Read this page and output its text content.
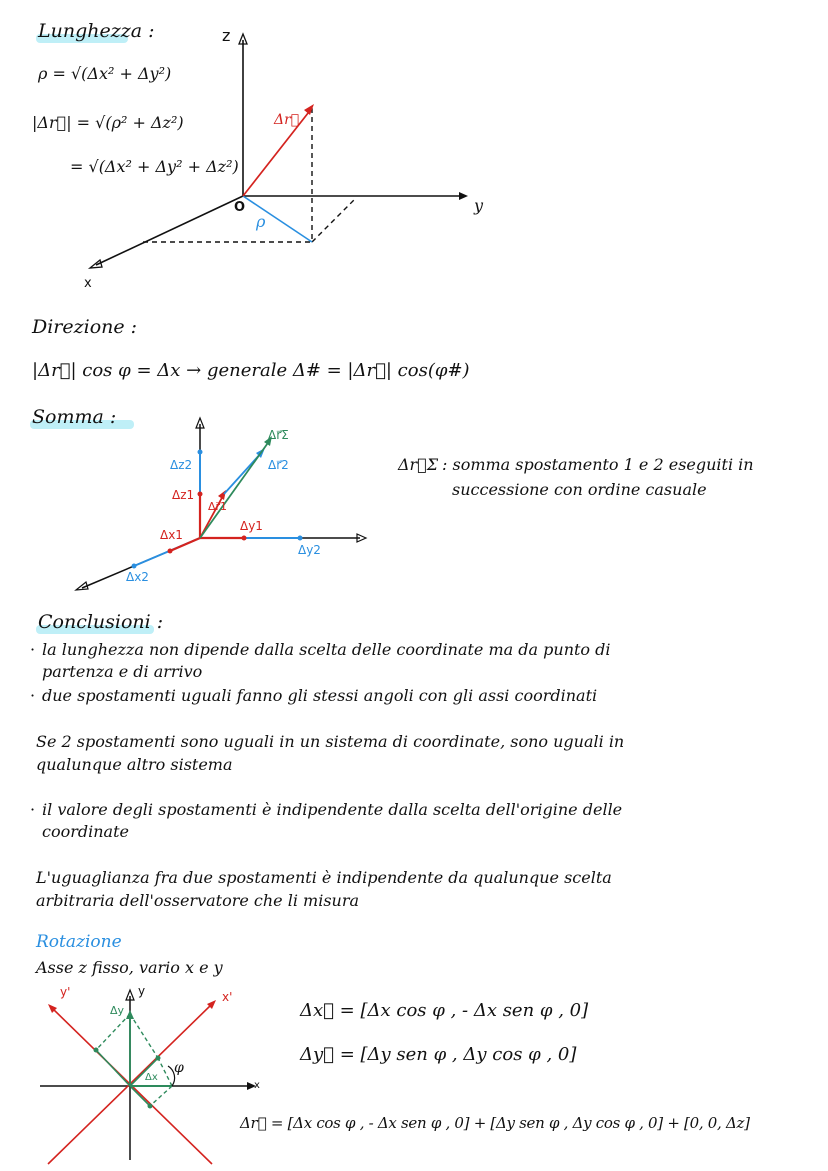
Lunghezza :
ρ = √(Δx² + Δy²)
|Δr⃗| = √(ρ² + Δz²)
= √(Δx² + Δy² + Δz²)
z
y
x
O
ρ
Δr⃗
Direzione :
|Δr⃗| cos φ = Δx → generale Δ# = |Δr⃗| cos(φ#)
Somma :
Δr⃗Σ
Δr⃗2
Δr⃗1
Δz2
Δz1
Δx1
Δy1
Δy2
Δx2
Δr⃗Σ : somma spostamento 1 e 2 eseguiti in
successione con ordine casuale
Conclusioni :
· la lunghezza non dipende dalla scelta delle coordinate ma da punto di
partenza e di arrivo
· due spostamenti uguali fanno gli stessi angoli con gli assi coordinati
Se 2 spostamenti sono uguali in un sistema di coordinate, sono uguali in
qualunque altro sistema
· il valore degli spostamenti è indipendente dalla scelta dell'origine delle
coordinate
L'uguaglianza fra due spostamenti è indipendente da qualunque scelta
arbitraria dell'osservatore che li misura
Rotazione
Asse z fisso, vario x e y
y
x
y'	x'
Δy
Δx
φ
Δx⃗ = [Δx cos φ , - Δx sen φ , 0]
Δy⃗ = [Δy sen φ , Δy cos φ , 0]
Δr⃗ = [Δx cos φ , - Δx sen φ , 0] + [Δy sen φ , Δy cos φ , 0] + [0, 0, Δz]
